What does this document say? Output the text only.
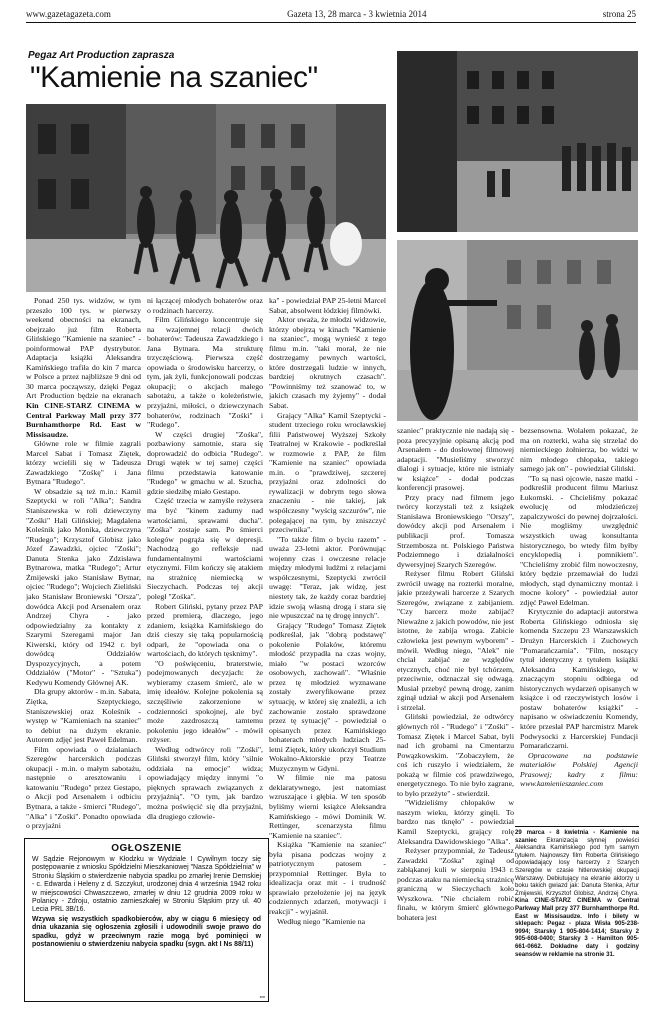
www.gazetagazeta.com	Gazeta 13, 28 marca - 3 kwietnia 2014	strona 25
Pegaz Art Production zaprasza
"Kamienie na szaniec"

Ponad 250 tys. widzów, w tym przeszło 100 tys. w pierwszy weekend obecności na ekranach, obejrzało już film Roberta Glińskiego "Kamienie na szaniec" - poinformował PAP dystrybutor. Adaptacja książki Aleksandra Kamińskiego trafiła do kin 7 marca w Polsce a przez najbliższe 9 dni od 30 marca począwszy, dzięki Pegaz Art Production będzie na ekranach Kin CINE-STARZ CINEMA w Central Parkway Mall przy 377 Burnhamthorpe Rd. East w Missisaudze.

Główne role w filmie zagrali Marcel Sabat i Tomasz Ziętek, którzy wcielili się w Tadeusza Zawadzkiego "Zośkę" i Jana Bytnara "Rudego".

W obsadzie są też m.in.: Kamil Szeptycki w roli "Alka"; Sandra Staniszewska w roli dziewczyny "Zośki" Hali Glińskiej; Magdalena Koleśnik jako Monika, dziewczyna "Rudego"; Krzysztof Globisz jako Józef Zawadzki, ojciec "Zośki"; Danuta Stenka jako Zdzisława Bytnarowa, matka "Rudego"; Artur Żmijewski jako Stanisław Bytnar, ojciec "Rudego"; Wojciech Zieliński jako Stanisław Broniewski "Orsza", dowódca Akcji pod Arsenałem oraz Andrzej Chyra - jako odpowiedzialny za kontakty z Szarymi Szeregami major Jan Kiwerski, który od 1942 r. był dowódcą Oddziałów Dyspozycyjnych, a potem Oddziałów ("Motor" - "Sztuka") Kedywu Komendy Głównej AK.

Dla grupy aktorów - m.in. Sabata, Ziętka, Szeptyckiego, Staniszewskiej oraz Koleśnik - występ w "Kamieniach na szaniec" to debiut na dużym ekranie. Autorem zdjęć jest Paweł Edelman.

Film opowiada o działaniach Szeregów harcerskich podczas okupacji - m.in. o małym sabotażu, następnie o aresztowaniu i katowaniu "Rudego" przez Gestapo, o Akcji pod Arsenałem i odbiciu Bytnara, a także - śmierci "Rudego", "Alka" i "Zośki". Ponadto opowiada o przyjaźni

ni łączącej młodych bohaterów oraz o rodzinach harcerzy.

Film Glińskiego koncentruje się na wzajemnej relacji dwóch bohaterów: Tadeusza Zawadzkiego i Jana Bytnara. Ma strukturę trzyczęściową. Pierwsza część opowiada o środowisku harcerzy, o tym, jak żyli, funkcjonowali podczas okupacji; o akcjach małego sabotażu, a także o koleżeństwie, przyjaźni, miłości, o dziewczynach bohaterów, rodzinach "Zośki" i "Rudego".

W części drugiej "Zośka", pozbawiony samotnie, stara się doprowadzić do odbicia "Rudego". Drugi wątek w tej samej części filmu przedstawia katowanie "Rudego" w gmachu w al. Szucha, gdzie siedzibę miało Gestapo.

Część trzecia w zamyśle reżysera ma być "kinem zadumy nad wartościami, sprawami ducha". "Zośka" zostaje sam. Po śmierci kolegów pogrąża się w depresji. Nachodzą go refleksje nad fundamentalnymi wartościami etycznymi. Film kończy się atakiem na strażnicę niemiecką w Sieczychach. Podczas tej akcji poległ "Zośka".

Robert Gliński, pytany przez PAP przed premierą, dlaczego, jego zdaniem, książka Kamińskiego do dziś cieszy się taką popularnością odparł, że "opowiada ona o wartościach, do których tęsknimy".

"O poświęceniu, braterstwie, podejmowanych decyzjach: że wybieramy czasem śmierć, ale w imię ideałów. Kolejne pokolenia są szczęśliwie zakorzenione w codzienności spokojnej, ale być może zazdroszczą tamtemu pokoleniu jego ideałów" - mówił reżyser.

Według odtwórcy roli "Zośki", Gliński stworzył film, który "silnie oddziała na emocje" widza; opowiadający między innymi "o pięknych sprawach związanych z przyjaźnią". "O tym, jak bardzo można poświęcić się dla przyjaźni, dla drugiego człowie-

ka" - powiedział PAP 25-letni Marcel Sabat, absolwent łódzkiej filmówki.

Aktor uważa, że młodzi widzowie, którzy obejrzą w kinach "Kamienie na szaniec", mogą wynieść z tego filmu m.in. "taki morał, że nie dostrzegamy pewnych wartości, które dostrzegali ludzie w innych, bardziej okrutnych czasach". "Powinniśmy też szanować to, w jakich czasach my żyjemy" - dodał Sabat.

Grający "Alka" Kamil Szeptycki - student trzeciego roku wrocławskiej filii Państwowej Wyższej Szkoły Teatralnej w Krakowie - podkreślał w rozmowie z PAP, że film "Kamienie na szaniec" opowiada m.in. o "prawdziwej, szczerej przyjaźni oraz zdolności do rywalizacji w dobrym tego słowa znaczeniu - nie takiej, jak współczesny "wyścig szczurów", nie polegającej na tym, by zniszczyć przeciwnika".

"To także film o byciu razem" - uważa 23-letni aktor. Porównując wojenny czas i owczesne relacje między młodymi ludźmi z relacjami współczesnymi, Szeptycki zwrócił uwagę: "Teraz, jak widzę, jest niestety tak, że każdy coraz bardziej idzie swoją własną drogą i stara się nie wpuszczać na tę drogę innych".

Grający "Rudego" Tomasz Ziętek podkreślał, jak "dobrą podstawę" pokolenie Polaków, któremu młodość przypadła na czas wojny, miało "w postaci wzorców osobowych, zachowań". "Właśnie przez tę młodzież wyznawane zostały zweryfikowane przez sytuację, w której się znaleźli, a ich zachowanie zostało sprawdzone przez tę sytuację" - powiedział o opisanych przez Kamińskiego bohaterach młodych ludziach 25-letni Ziętek, który ukończył Studium Wokalno-Aktorskie przy Teatrze Muzycznym w Gdyni.

W filmie nie ma patosu deklaratywnego, jest natomiast wzruszające i głębia. W ten sposób byliśmy wierni książce Aleksandra Kamińskiego - mówi Dominik W. Rettinger, scenarzysta filmu "Kamienie na szaniec".

Książka "Kamienie na szaniec" była pisana podczas wojny z patriotycznym patosem - przypomniał Rettinger. Była to idealizacja oraz mit - i trudność sprawiało przełożenie jej na język codziennych zdarzeń, motywacji i reakcji" - wyjaśnił.

Według niego "Kamienie na

szaniec" praktycznie nie nadają się - poza precyzyjnie opisaną akcją pod Arsenałem - do dosłownej filmowej adaptacji. "Musieliśmy stworzyć dialogi i sytuacje, które nie istniały w książce" - dodał podczas konferencji prasowej.

Przy pracy nad filmem jego twórcy korzystali też z książek Stanisława Broniewskiego "Orszy", dowódcy akcji pod Arsenałem i publikacji prof. Tomasza Strzembosza nt. Polskiego Państwa Podziemnego i działalności dywersyjnej Szarych Szeregów.

Reżyser filmu Robert Gliński zwrócił uwagę na rozterki moralne, jakie przeżywali harcerze z Szarych Szeregów, związane z zabijaniem. "Czy harcerz może zabijać? Niewaźne z jakich powodów, nie jest istotne, że zabija wroga. Zabicie człowieka jest pewnym wyborem" - mówił. Według niego, "Alek" nie chciał zabijać ze względów etycznych, choć nie był tchórzem, przeciwnie, odznaczał się odwagą. Musiał przebyć pewną drogę, zanim zginął udział w akcji pod Arsenałem i strzelał.

Gliński powiedział, że odtwórcy głównych ról - "Rudego" i "Zośki" - Tomasz Ziętek i Marcel Sabat, byli nad ich grobami na Cmentarzu Powązkowskim. "Zobaczyłem, że coś ich ruszyło i wiedziałem, że pokażą w filmie coś prawdziwego, energetycznego. To nie było zagrane, to było przeżyte" - stwierdził.

"Widzieliśmy chłopaków w naszym wieku, którzy ginęli. To bardzo nas tknęło" - powiedział Kamil Szeptycki, grający rolę Aleksandra Dawidowskiego "Alka".

Reżyser przypomniał, że Tadeusz Zawadzki "Zośka" zginął od zabłąkanej kuli w sierpniu 1943 r. podczas ataku na niemiecką strażnicę graniczną w Sieczychach koło Wyszkowa. "Nie chciałem robić finału, w którym śmierć głównego bohatera jest

bezsensowna. Wolałem pokazać, że ma on rozterki, waha się strzelać do niemieckiego żołnierza, bo widzi w nim młodego chłopaka, takiego samego jak on" - powiedział Gliński.

"To są nasi ojcowie, nasze matki - podkreślił producent filmu Mariusz Łukomski. - Chcieliśmy pokazać ewolucję od młodzieńczej zapalczywości do pewnej dojrzałości. Nie mogliśmy uwzględnić wszystkich uwag konsultanta historycznego, bo wtedy film byłby encyklopedią i pomnikiem". "Chcieliśmy zrobić film nowoczesny, który będzie przemawiał do ludzi młodych, stąd dynamiczny montaż i mocne kolory" - powiedział autor zdjęć Paweł Edelman.

Krytycznie do adaptacji autorstwa Roberta Glińskiego odniosła się komenda Szczepu 23 Warszawskich Drużyn Harcerskich i Zuchowych "Pomarańczarnia". "Film, noszący tytuł identyczny z tytułem książki Aleksandra Kamińskiego, w znaczącym stopniu odbiega od historycznych wydarzeń opisanych w książce i od rzeczywistych losów i postaw bohaterów książki" - napisano w oświadczeniu Komendy, które przesłał PAP harcmistrz Marek Podwysocki z Harcerskiej Fundacji Pomarańczarni.

Opracowane na podstawie materiałów Polskiej Agencji Prasowej; kadry z filmu: www.kamienieszaniec.com

OGŁOSZENIE
W Sądzie Rejonowym w Kłodzku w Wydziale I Cywilnym toczy się postępowanie z wniosku Spółdzielni Mieszkaniowej "Nasza Spółdzielnia" w Stroniu Śląskim o stwierdzenie nabycia spadku po zmarłej Irenie Demskiej - c. Edwarda i Heleny z d. Szczykut, urodzonej dnia 4 września 1942 roku w miejscowości Chwaszczewo, zmarłej w dniu 12 grudnia 2009 roku w Polanicy - Zdroju, ostatnio zamieszkałej w Stroniu Śląskim przy ul. 40 Lecia PRL 3B/16.
Wzywa się wszystkich spadkobierców, aby w ciągu 6 miesięcy od dnia ukazania się ogłoszenia zgłosili i udowodnili swoje prawo do spadku, gdyż w przeciwnym razie mogą być pominięci w postanowieniu o stwierdzeniu nabycia spadku (sygn. akt I Ns 88/11)
sm
29 marca - 8 kwietnia - Kamienie na szaniec Ekranizacja słynnej powieści Aleksandra Kamińskiego pod tym samym tytułem. Najnowszy film Roberta Glińskiego opowiadający losy harcerzy z Szarych Szeregów w czasie hitlerowskiej okupacji Warszawy. Debiutujący na ekranie aktorzy u boku takich gwiazd jak: Danuta Stenka, Artur Żmijewski, Krzysztof Globisz, Andrzej Chyra. Kina CINE-STARZ CINEMA w Central Parkway Mall przy 377 Burnhamthorpe Rd. East w Missisaudze. Info i bilety w sklepach: Pegaz - plaza Wisła 905-238-9994; Starsky 1 905-804-1414; Starsky 2 905-608-0400; Starsky 3 - Hamilton 905-661-0662. Dokładne daty i godziny seansów w reklamie na stronie 31.
